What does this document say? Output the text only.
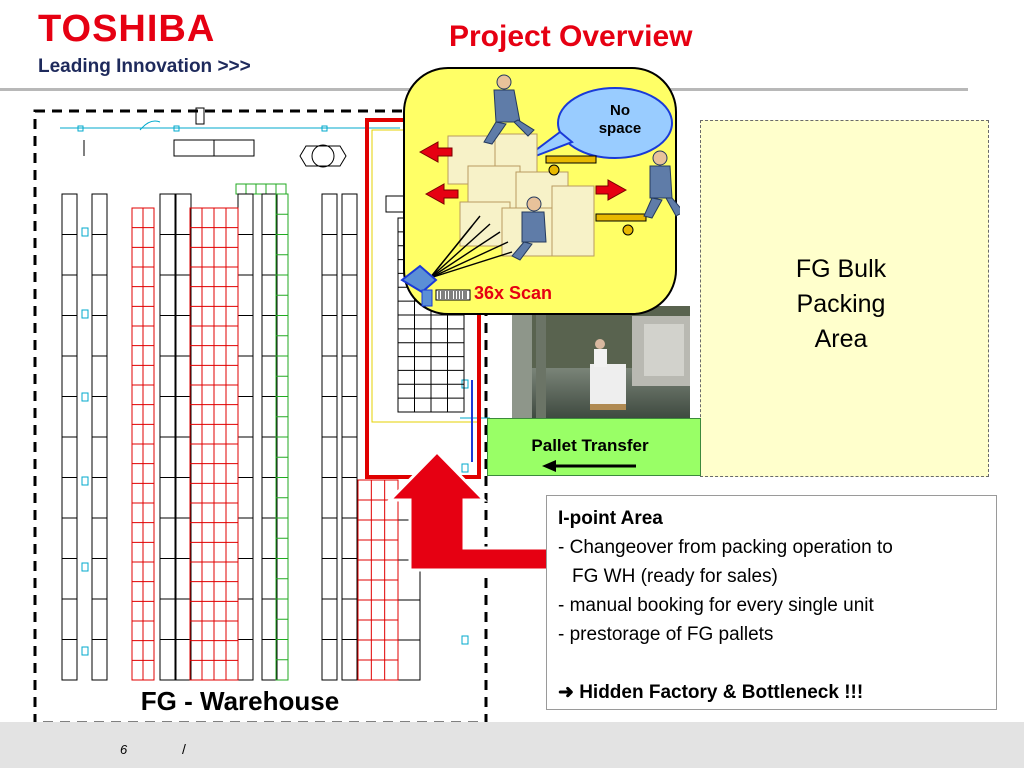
TOSHIBA
Leading Innovation >>>
Project Overview
FG Bulk
Packing
Area
Pallet Transfer
No
space
36x Scan
FG - Warehouse
I-point Area
- Changeover from packing operation to
FG WH (ready for sales)
- manual booking for every single unit
- prestorage of FG pallets
➜ Hidden Factory & Bottleneck !!!
6	/
